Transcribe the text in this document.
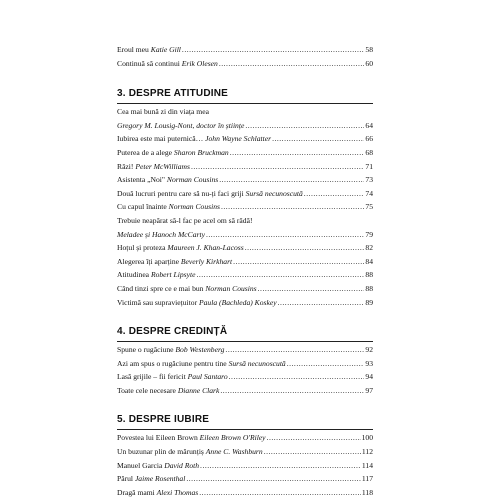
Eroul meu Katie Gill .....	58
Continuă să continui Erik Olesen .....	60
3. DESPRE ATITUDINE
Cea mai bună zi din viața mea
Gregory M. Lousig-Nont, doctor în științe .....	64
Iubirea este mai puternică… John Wayne Schlatter .....	66
Puterea de a alege Sharon Bruckman .....	68
Râzi! Peter McWilliams .....	71
Asistenta „Noi" Norman Cousins .....	73
Două lucruri pentru care să nu-ți faci griji Sursă necunoscută .....	74
Cu capul înainte Norman Cousins .....	75
Trebuie neapărat să-l fac pe acel om să râdă!
Meladee și Hanoch McCarty .....	79
Hoțul și proteza Maureen J. Khan-Lacoss .....	82
Alegerea îți aparține Beverly Kirkhart .....	84
Atitudinea Robert Lipsyte .....	88
Când tinzi spre ce e mai bun Norman Cousins .....	88
Victimă sau supraviețuitor Paula (Bachleda) Koskey .....	89
4. DESPRE CREDINȚĂ
Spune o rugăciune Bob Westenberg .....	92
Azi am spus o rugăciune pentru tine Sursă necunoscută .....	93
Lasă grijile – fii fericit Paul Santaro .....	94
Toate cele necesare Dianne Clark .....	97
5. DESPRE IUBIRE
Povestea lui Eileen Brown Eileen Brown O'Riley .....	100
Un buzunar plin de mărunțiș Anne C. Washburn .....	112
Manuel Garcia David Roth .....	114
Părul Jaime Rosenthal .....	117
Dragă mami Alexi Thomas .....	118
